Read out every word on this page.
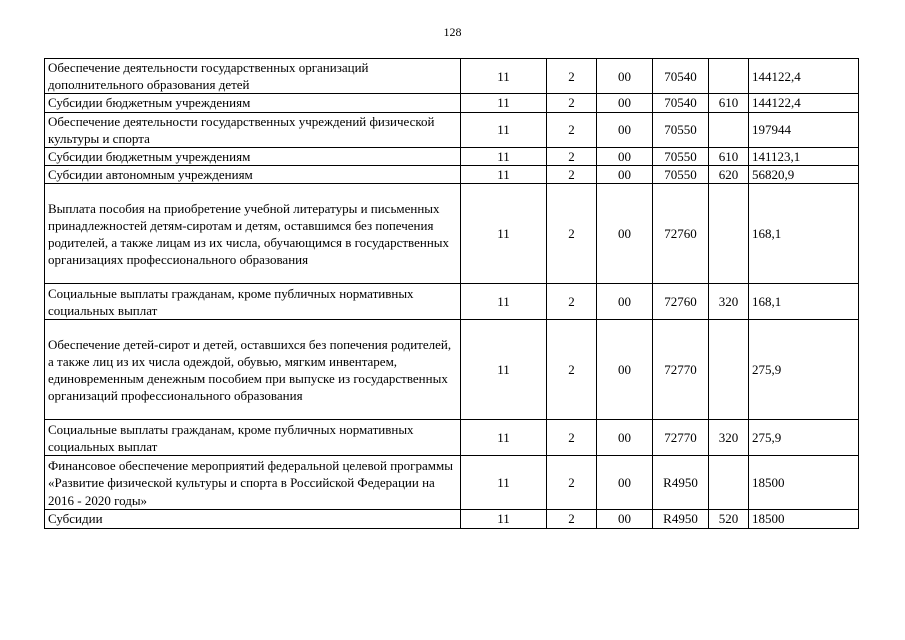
128
Обеспечение деятельности государственных организаций дополнительного образования детей	11	2	00	70540		144122,4
Субсидии бюджетным учреждениям	11	2	00	70540	610	144122,4
Обеспечение деятельности государственных учреждений физической культуры и спорта	11	2	00	70550		197944
Субсидии бюджетным учреждениям	11	2	00	70550	610	141123,1
Субсидии автономным учреждениям	11	2	00	70550	620	56820,9
Выплата пособия на приобретение учебной литературы и письменных принадлежностей детям-сиротам и детям, оставшимся без попечения родителей, а также лицам из их числа, обучающимся в государственных организациях профессионального образования	11	2	00	72760		168,1
Социальные выплаты гражданам, кроме публичных нормативных социальных выплат	11	2	00	72760	320	168,1
Обеспечение детей-сирот и детей, оставшихся без попечения родителей, а также лиц из их числа одеждой, обувью, мягким инвентарем, единовременным денежным пособием при выпуске из государственных организаций профессионального образования	11	2	00	72770		275,9
Социальные выплаты гражданам, кроме публичных нормативных социальных выплат	11	2	00	72770	320	275,9
Финансовое обеспечение мероприятий федеральной целевой программы «Развитие физической культуры и спорта в Российской Федерации на 2016 - 2020 годы»	11	2	00	R4950		18500
Субсидии	11	2	00	R4950	520	18500
